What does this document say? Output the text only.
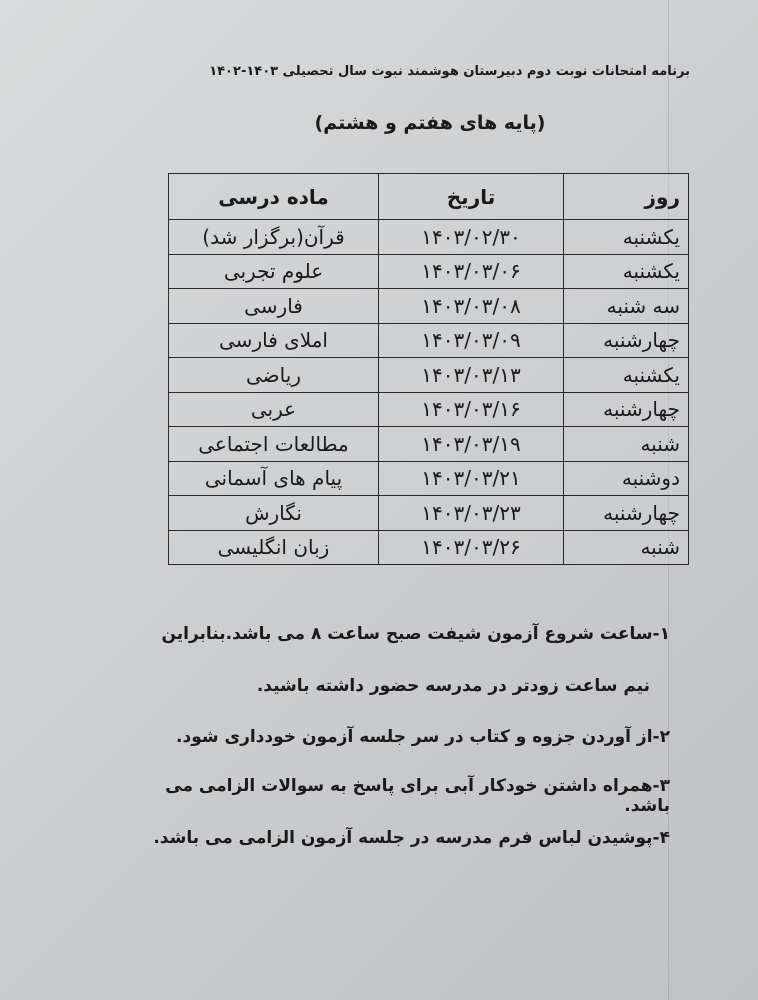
برنامه امتحانات نوبت دوم دبیرستان هوشمند نبوت سال تحصیلی ۱۴۰۳-۱۴۰۲
(پایه های هفتم و هشتم)
روز	تاریخ	ماده درسی
یکشنبه	۱۴۰۳/۰۲/۳۰	قرآن(برگزار شد)
یکشنبه	۱۴۰۳/۰۳/۰۶	علوم تجربی
سه شنبه	۱۴۰۳/۰۳/۰۸	فارسی
چهارشنبه	۱۴۰۳/۰۳/۰۹	املای فارسی
یکشنبه	۱۴۰۳/۰۳/۱۳	ریاضی
چهارشنبه	۱۴۰۳/۰۳/۱۶	عربی
شنبه	۱۴۰۳/۰۳/۱۹	مطالعات اجتماعی
دوشنبه	۱۴۰۳/۰۳/۲۱	پیام های آسمانی
چهارشنبه	۱۴۰۳/۰۳/۲۳	نگارش
شنبه	۱۴۰۳/۰۳/۲۶	زبان انگلیسی
۱-ساعت شروع آزمون شیفت صبح ساعت ۸ می باشد.بنابراین
نیم ساعت زودتر در مدرسه حضور داشته باشید.
۲-از آوردن جزوه و کتاب در سر جلسه آزمون خودداری شود.
۳-همراه داشتن خودکار آبی برای پاسخ به سوالات الزامی می باشد.
۴-پوشیدن لباس فرم مدرسه در جلسه آزمون الزامی می باشد.
